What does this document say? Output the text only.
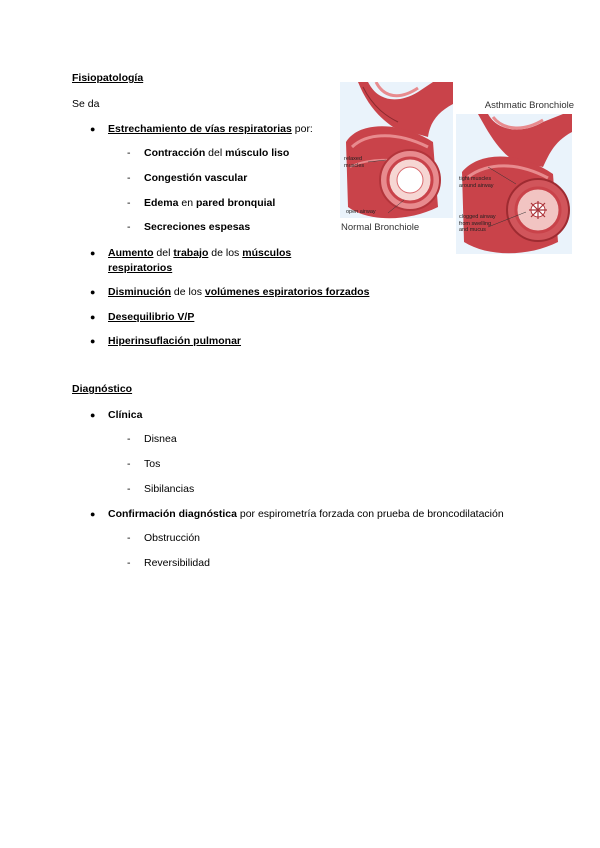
Fisiopatología
Se da
● Estrechamiento de vías respiratorias por:
- Contracción del músculo liso
- Congestión vascular
- Edema en pared bronquial
- Secreciones espesas
● Aumento del trabajo de los músculos respiratorios
● Disminución de los volúmenes espiratorios forzados
● Desequilibrio V/P
● Hiperinsuflación pulmonar
Diagnóstico
● Clínica
- Disnea
- Tos
- Sibilancias
● Confirmación diagnóstica por espirometría forzada con prueba de broncodilatación
- Obstrucción
- Reversibilidad
Asthmatic Bronchiole
Normal Bronchiole
relaxed muscles
open airway
tight muscles around airway
clogged airway from swelling and mucus
